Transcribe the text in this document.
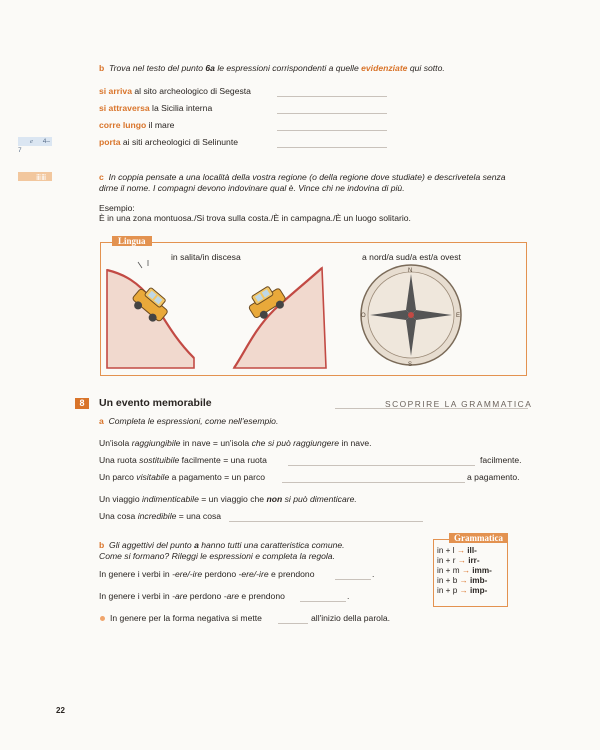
b Trova nel testo del punto 6a le espressioni corrispondenti a quelle evidenziate qui sotto.
si arriva al sito archeologico di Segesta
si attraversa la Sicilia interna
corre lungo il mare
porta ai siti archeologici di Selinunte
e 4–7
ⅲⅲ	c In coppia pensate a una località della vostra regione (o della regione dove studiate) e descrivetela senza
dirne il nome. I compagni devono indovinare qual è. Vince chi ne indovina di più.
Esempio:
È in una zona montuosa./Si trova sulla costa./È in campagna./È un luogo solitario.
Lingua
in salita/in discesa	a nord/a sud/a est/a ovest
N
S
E
O
8	Un evento memorabile	SCOPRIRE LA GRAMMATICA
a Completa le espressioni, come nell'esempio.
Un'isola raggiungibile in nave = un'isola che si può raggiungere in nave.
Una ruota sostituibile facilmente = una ruota	facilmente.
Un parco visitabile a pagamento = un parco	a pagamento.
Un viaggio indimenticabile = un viaggio che non si può dimenticare.
Una cosa incredibile = una cosa
b Gli aggettivi del punto a hanno tutti una caratteristica comune.
Come si formano? Rileggi le espressioni e completa la regola.
In genere i verbi in -ere/-ire perdono -ere/-ire e prendono	.
In genere i verbi in -are perdono -are e prendono	.
In genere per la forma negativa si mette	all'inizio della parola.
Grammatica
in + l → ill-
in + r → irr-
in + m → imm-
in + b → imb-
in + p → imp-
22
